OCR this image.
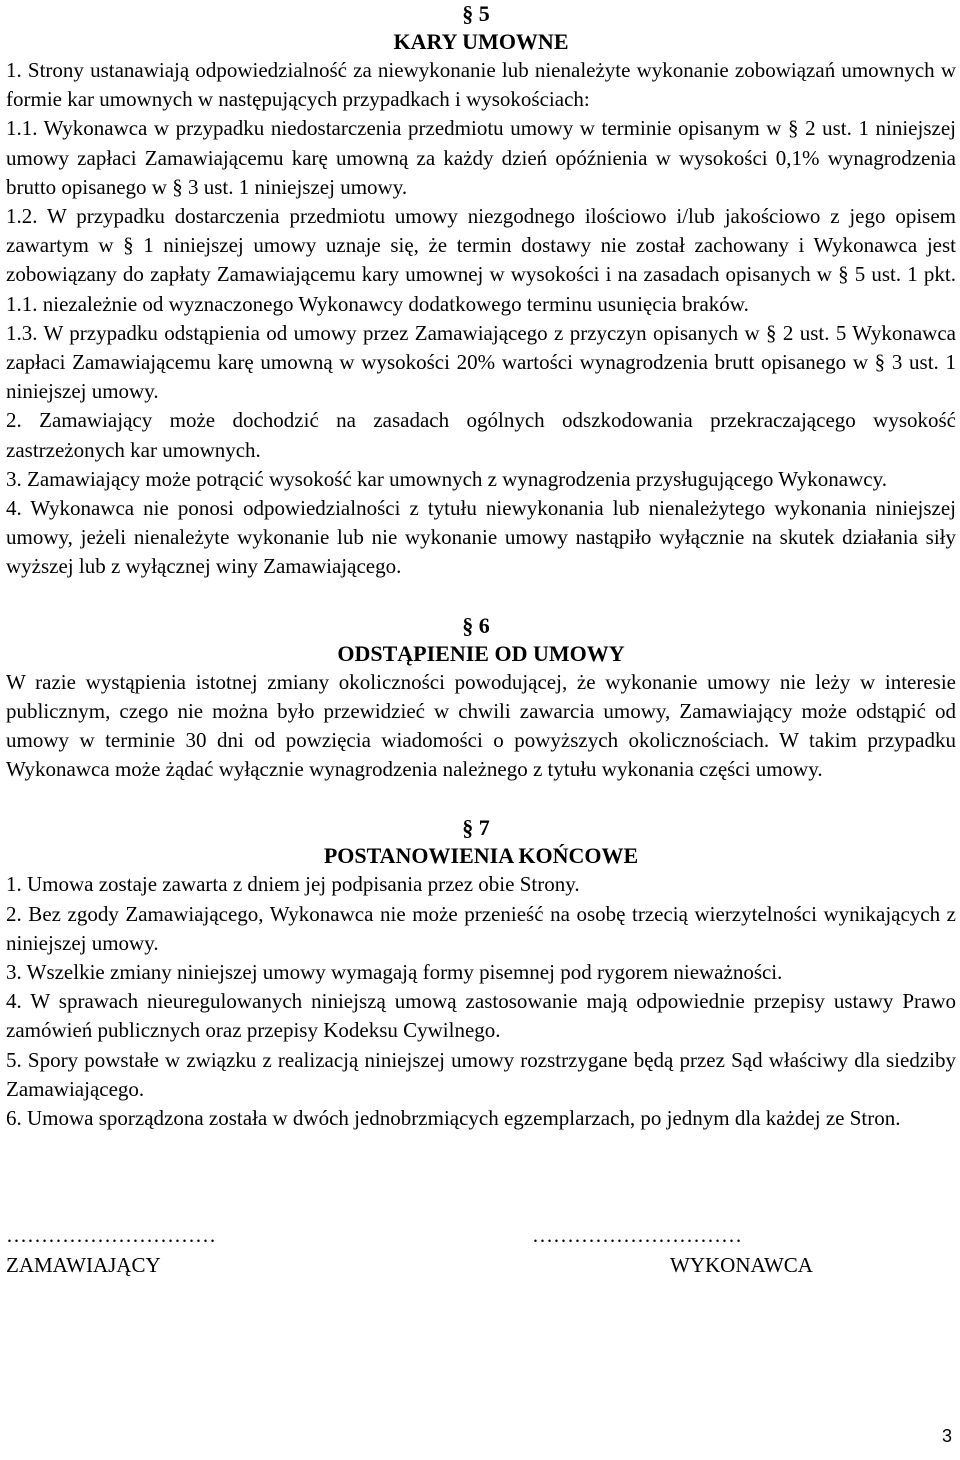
§ 5
KARY UMOWNE

1. Strony ustanawiają odpowiedzialność za niewykonanie lub nienależyte wykonanie zobowiązań umownych w formie kar umownych w następujących przypadkach i wysokościach:

1.1. Wykonawca w przypadku niedostarczenia przedmiotu umowy w terminie opisanym w § 2 ust. 1 niniejszej umowy zapłaci Zamawiającemu karę umowną za każdy dzień opóźnienia w wysokości 0,1% wynagrodzenia brutto opisanego w § 3 ust. 1 niniejszej umowy.

1.2. W przypadku dostarczenia przedmiotu umowy niezgodnego ilościowo i/lub jakościowo z jego opisem zawartym w § 1 niniejszej umowy uznaje się, że termin dostawy nie został zachowany i Wykonawca jest zobowiązany do zapłaty Zamawiającemu kary umownej w wysokości i na zasadach opisanych w § 5 ust. 1 pkt. 1.1. niezależnie od wyznaczonego Wykonawcy dodatkowego terminu usunięcia braków.

1.3. W przypadku odstąpienia od umowy przez Zamawiającego z przyczyn opisanych w § 2 ust. 5 Wykonawca zapłaci Zamawiającemu karę umowną w wysokości 20% wartości wynagrodzenia brutt opisanego w § 3 ust. 1 niniejszej umowy.

2. Zamawiający może dochodzić na zasadach ogólnych odszkodowania przekraczającego wysokość zastrzeżonych kar umownych.

3. Zamawiający może potrącić wysokość kar umownych z wynagrodzenia przysługującego Wykonawcy.

4. Wykonawca nie ponosi odpowiedzialności z tytułu niewykonania lub nienależytego wykonania niniejszej umowy, jeżeli nienależyte wykonanie lub nie wykonanie umowy nastąpiło wyłącznie na skutek działania siły wyższej lub z wyłącznej winy Zamawiającego.

§ 6
ODSTĄPIENIE OD UMOWY

W razie wystąpienia istotnej zmiany okoliczności powodującej, że wykonanie umowy nie leży w interesie publicznym, czego nie można było przewidzieć w chwili zawarcia umowy, Zamawiający może odstąpić od umowy w terminie 30 dni od powzięcia wiadomości o powyższych okolicznościach. W takim przypadku Wykonawca może żądać wyłącznie wynagrodzenia należnego z tytułu wykonania części umowy.

§ 7
POSTANOWIENIA KOŃCOWE

1. Umowa zostaje zawarta z dniem jej podpisania przez obie Strony.

2. Bez zgody Zamawiającego, Wykonawca nie może przenieść na osobę trzecią wierzytelności wynikających z niniejszej umowy.

3. Wszelkie zmiany niniejszej umowy wymagają formy pisemnej pod rygorem nieważności.

4. W sprawach nieuregulowanych niniejszą umową zastosowanie mają odpowiednie przepisy ustawy Prawo zamówień publicznych oraz przepisy Kodeksu Cywilnego.

5. Spory powstałe w związku z realizacją niniejszej umowy rozstrzygane będą przez Sąd właściwy dla siedziby Zamawiającego.

6. Umowa sporządzona została w dwóch jednobrzmiących egzemplarzach, po jednym dla każdej ze Stron.

…………………………	…………………………
ZAMAWIAJĄCY	WYKONAWCA
3
